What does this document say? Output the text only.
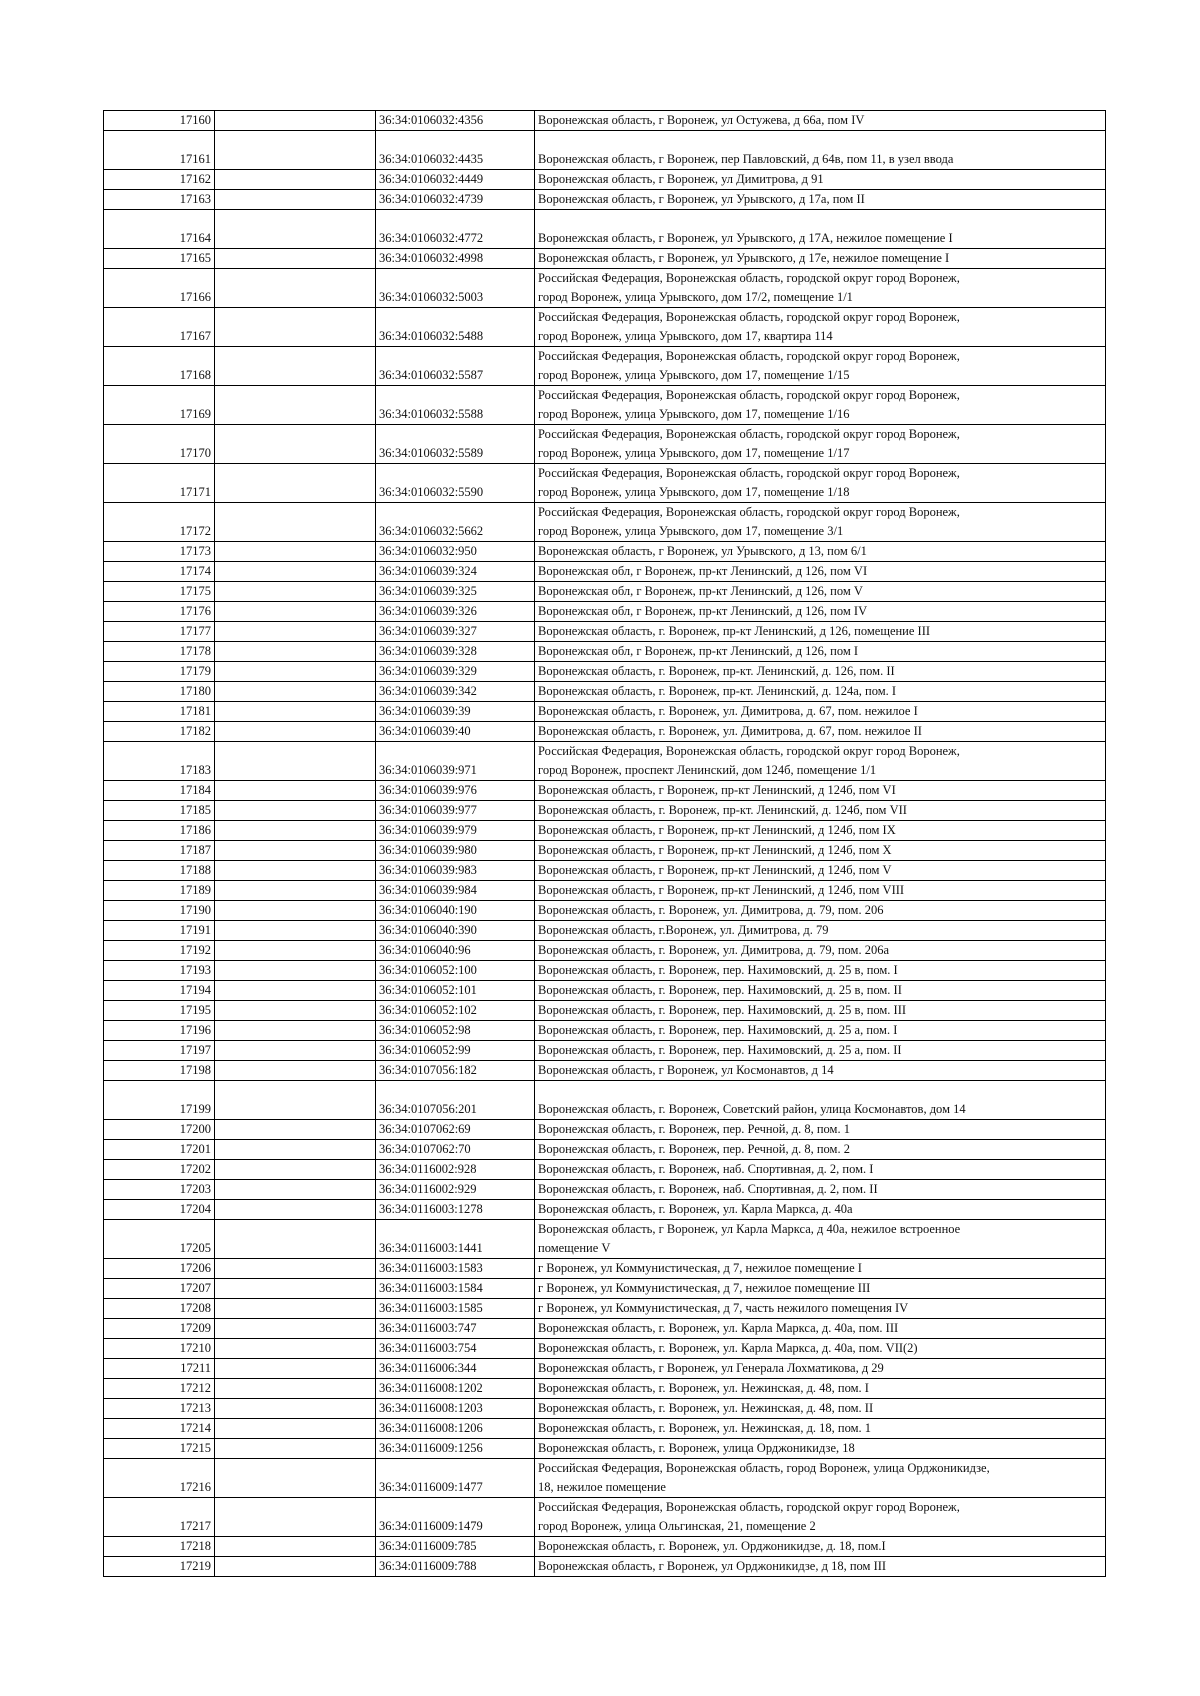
17160		36:34:0106032:4356	Воронежская область, г Воронеж, ул Остужева, д 66а, пом IV
17161		36:34:0106032:4435	Воронежская область, г Воронеж, пер Павловский, д 64в, пом 11, в узел ввода
17162		36:34:0106032:4449	Воронежская область, г Воронеж, ул Димитрова, д 91
17163		36:34:0106032:4739	Воронежская область, г Воронеж, ул Урывского, д 17а, пом II
17164		36:34:0106032:4772	Воронежская область, г Воронеж, ул Урывского, д 17А, нежилое помещение I
17165		36:34:0106032:4998	Воронежская область, г Воронеж, ул Урывского, д 17е, нежилое помещение I
17166		36:34:0106032:5003	Российская Федерация, Воронежская область, городской округ город Воронеж,
город Воронеж, улица Урывского, дом 17/2, помещение 1/1
17167		36:34:0106032:5488	Российская Федерация, Воронежская область, городской округ город Воронеж,
город Воронеж, улица Урывского, дом 17, квартира 114
17168		36:34:0106032:5587	Российская Федерация, Воронежская область, городской округ город Воронеж,
город Воронеж, улица Урывского, дом 17, помещение 1/15
17169		36:34:0106032:5588	Российская Федерация, Воронежская область, городской округ город Воронеж,
город Воронеж, улица Урывского, дом 17, помещение 1/16
17170		36:34:0106032:5589	Российская Федерация, Воронежская область, городской округ город Воронеж,
город Воронеж, улица Урывского, дом 17, помещение 1/17
17171		36:34:0106032:5590	Российская Федерация, Воронежская область, городской округ город Воронеж,
город Воронеж, улица Урывского, дом 17, помещение 1/18
17172		36:34:0106032:5662	Российская Федерация, Воронежская область, городской округ город Воронеж,
город Воронеж, улица Урывского, дом 17, помещение 3/1
17173		36:34:0106032:950	Воронежская область, г Воронеж, ул Урывского, д 13, пом 6/1
17174		36:34:0106039:324	Воронежская обл, г Воронеж, пр-кт Ленинский, д 126, пом VI
17175		36:34:0106039:325	Воронежская обл, г Воронеж, пр-кт Ленинский, д 126, пом V
17176		36:34:0106039:326	Воронежская обл, г Воронеж, пр-кт Ленинский, д 126, пом IV
17177		36:34:0106039:327	Воронежская область, г. Воронеж, пр-кт Ленинский, д 126, помещение III
17178		36:34:0106039:328	Воронежская обл, г Воронеж, пр-кт Ленинский, д 126, пом I
17179		36:34:0106039:329	Воронежская область, г. Воронеж, пр-кт. Ленинский, д. 126, пом. II
17180		36:34:0106039:342	Воронежская область, г. Воронеж, пр-кт. Ленинский, д. 124а, пом. I
17181		36:34:0106039:39	Воронежская область, г. Воронеж, ул. Димитрова, д. 67, пом. нежилое I
17182		36:34:0106039:40	Воронежская область, г. Воронеж, ул. Димитрова, д. 67, пом. нежилое II
17183		36:34:0106039:971	Российская Федерация, Воронежская область, городской округ город Воронеж,
город Воронеж, проспект Ленинский, дом 124б, помещение 1/1
17184		36:34:0106039:976	Воронежская область, г Воронеж, пр-кт Ленинский, д 124б, пом VI
17185		36:34:0106039:977	Воронежская область, г. Воронеж, пр-кт. Ленинский, д. 124б, пом VII
17186		36:34:0106039:979	Воронежская область, г Воронеж, пр-кт Ленинский, д 124б, пом IX
17187		36:34:0106039:980	Воронежская область, г Воронеж, пр-кт Ленинский, д 124б, пом X
17188		36:34:0106039:983	Воронежская область, г Воронеж, пр-кт Ленинский, д 124б, пом V
17189		36:34:0106039:984	Воронежская область, г Воронеж, пр-кт Ленинский, д 124б, пом VIII
17190		36:34:0106040:190	Воронежская область, г. Воронеж, ул. Димитрова, д. 79, пом. 206
17191		36:34:0106040:390	Воронежская область, г.Воронеж, ул. Димитрова, д. 79
17192		36:34:0106040:96	Воронежская область, г. Воронеж, ул. Димитрова, д. 79, пом. 206а
17193		36:34:0106052:100	Воронежская область, г. Воронеж, пер. Нахимовский, д. 25 в, пом. I
17194		36:34:0106052:101	Воронежская область, г. Воронеж, пер. Нахимовский, д. 25 в, пом. II
17195		36:34:0106052:102	Воронежская область, г. Воронеж, пер. Нахимовский, д. 25 в, пом. III
17196		36:34:0106052:98	Воронежская область, г. Воронеж, пер. Нахимовский, д. 25 а, пом. I
17197		36:34:0106052:99	Воронежская область, г. Воронеж, пер. Нахимовский, д. 25 а, пом. II
17198		36:34:0107056:182	Воронежская область, г Воронеж, ул Космонавтов, д 14
17199		36:34:0107056:201	Воронежская область, г. Воронеж, Советский район, улица Космонавтов, дом 14
17200		36:34:0107062:69	Воронежская область, г. Воронеж, пер. Речной, д. 8, пом. 1
17201		36:34:0107062:70	Воронежская область, г. Воронеж, пер. Речной, д. 8, пом. 2
17202		36:34:0116002:928	Воронежская область, г. Воронеж, наб. Спортивная, д. 2, пом. I
17203		36:34:0116002:929	Воронежская область, г. Воронеж, наб. Спортивная, д. 2, пом. II
17204		36:34:0116003:1278	Воронежская область, г. Воронеж, ул. Карла Маркса, д. 40а
17205		36:34:0116003:1441	Воронежская область, г Воронеж, ул Карла Маркса, д 40а, нежилое встроенное
помещение V
17206		36:34:0116003:1583	г Воронеж, ул Коммунистическая, д 7, нежилое помещение I
17207		36:34:0116003:1584	г Воронеж, ул Коммунистическая, д 7, нежилое помещение III
17208		36:34:0116003:1585	г Воронеж, ул Коммунистическая, д 7, часть нежилого помещения IV
17209		36:34:0116003:747	Воронежская область, г. Воронеж, ул. Карла Маркса, д. 40а, пом. III
17210		36:34:0116003:754	Воронежская область, г. Воронеж, ул. Карла Маркса, д. 40а, пом. VII(2)
17211		36:34:0116006:344	Воронежская область, г Воронеж, ул Генерала Лохматикова, д 29
17212		36:34:0116008:1202	Воронежская область, г. Воронеж, ул. Нежинская, д. 48, пом. I
17213		36:34:0116008:1203	Воронежская область, г. Воронеж, ул. Нежинская, д. 48, пом. II
17214		36:34:0116008:1206	Воронежская область, г. Воронеж, ул. Нежинская, д. 18, пом. 1
17215		36:34:0116009:1256	Воронежская область, г. Воронеж, улица Орджоникидзе, 18
17216		36:34:0116009:1477	Российская Федерация, Воронежская область, город Воронеж, улица Орджоникидзе,
18, нежилое помещение
17217		36:34:0116009:1479	Российская Федерация, Воронежская область, городской округ город Воронеж,
город Воронеж, улица Ольгинская, 21, помещение 2
17218		36:34:0116009:785	Воронежская область, г. Воронеж, ул. Орджоникидзе, д. 18, пом.I
17219		36:34:0116009:788	Воронежская область, г Воронеж, ул Орджоникидзе, д 18, пом III
